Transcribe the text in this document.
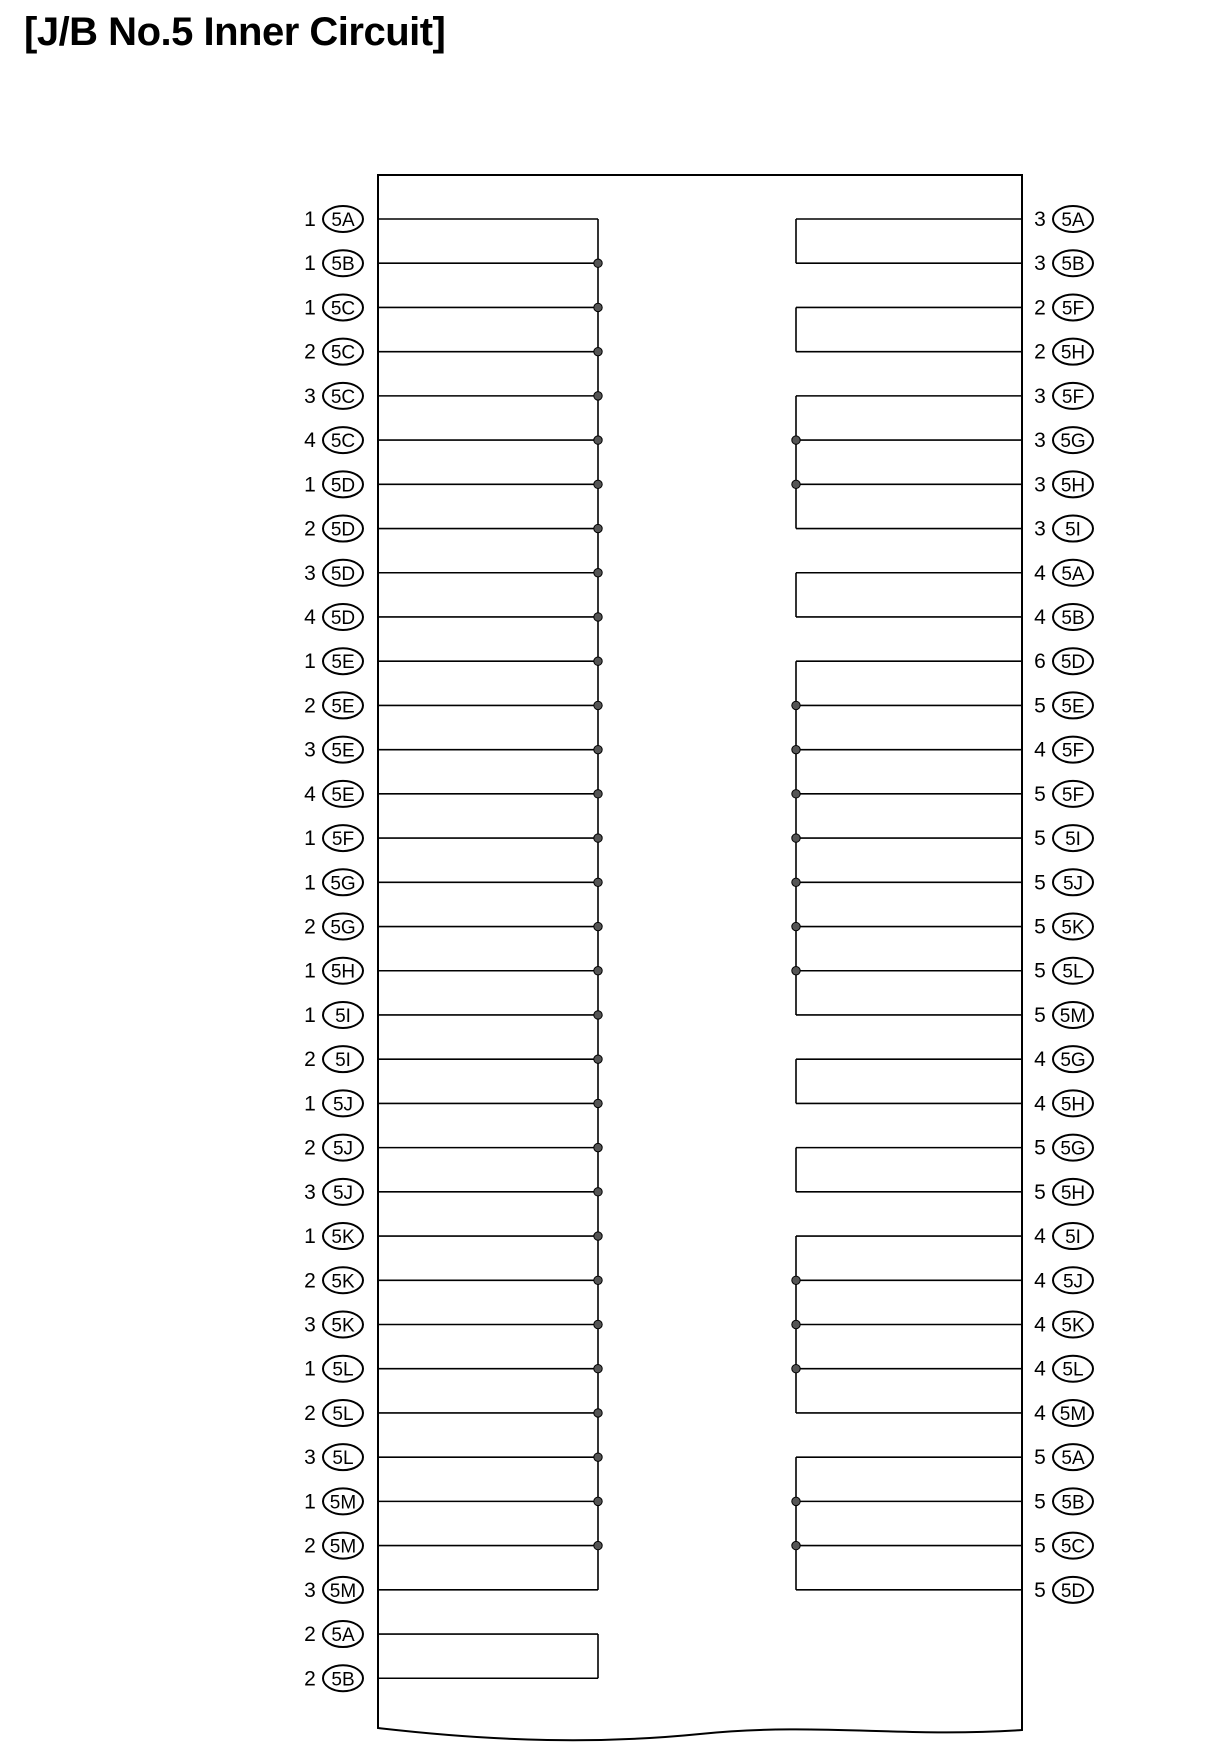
[J/B No.5 Inner Circuit]
1 5A
1 5B
1 5C
2 5C
3 5C
4 5C
1 5D
2 5D
3 5D
4 5D
1 5E
2 5E
3 5E
4 5E
1 5F
1 5G
2 5G
1 5H
1 5I
2 5I
1 5J
2 5J
3 5J
1 5K
2 5K
3 5K
1 5L
2 5L
3 5L
1 5M
2 5M
3 5M
2 5A
2 5B
3 5A
3 5B
2 5F
2 5H
3 5F
3 5G
3 5H
3 5I
4 5A
4 5B
6 5D
5 5E
4 5F
5 5F
5 5I
5 5J
5 5K
5 5L
5 5M
4 5G
4 5H
5 5G
5 5H
4 5I
4 5J
4 5K
4 5L
4 5M
5 5A
5 5B
5 5C
5 5D
